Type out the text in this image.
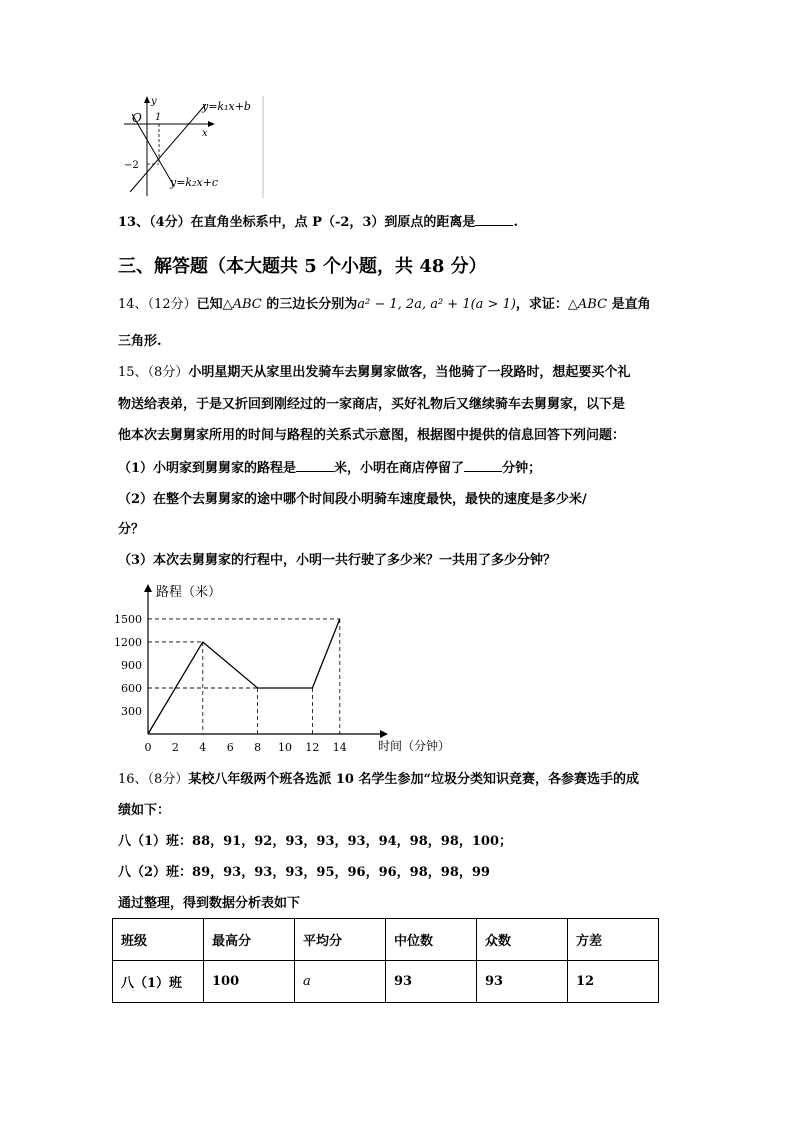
O
y
x
1
−2
y=k₁x+b
y=k₂x+c
13、（4分）在直角坐标系中，点 P（-2，3）到原点的距离是	.
三、解答题（本大题共 5 个小题，共 48 分）
14、（12分）已知△ABC 的三边长分别为a² − 1, 2a, a² + 1(a > 1)，求证：△ABC 是直角
三角形.
15、（8分）小明星期天从家里出发骑车去舅舅家做客，当他骑了一段路时，想起要买个礼
物送给表弟，于是又折回到刚经过的一家商店，买好礼物后又继续骑车去舅舅家，以下是
他本次去舅舅家所用的时间与路程的关系式示意图，根据图中提供的信息回答下列问题：
（1）小明家到舅舅家的路程是	米，小明在商店停留了	分钟；
（2）在整个去舅舅家的途中哪个时间段小明骑车速度最快，最快的速度是多少米/
分？
（3）本次去舅舅家的行程中，小明一共行驶了多少米？一共用了多少分钟？
0 2 4 6 8 10 12 14
300
600
900
1200
1500
路程（米）
时间（分钟）
16、（8分）某校八年级两个班各选派 10 名学生参加“垃圾分类知识竞赛，各参赛选手的成
绩如下：
八（1）班：88，91，92，93，93，93，94，98，98，100；
八（2）班：89，93，93，93，95，96，96，98，98，99
通过整理，得到数据分析表如下
班级	最高分	平均分	中位数	众数	方差
八（1）班	100	a	93	93	12
